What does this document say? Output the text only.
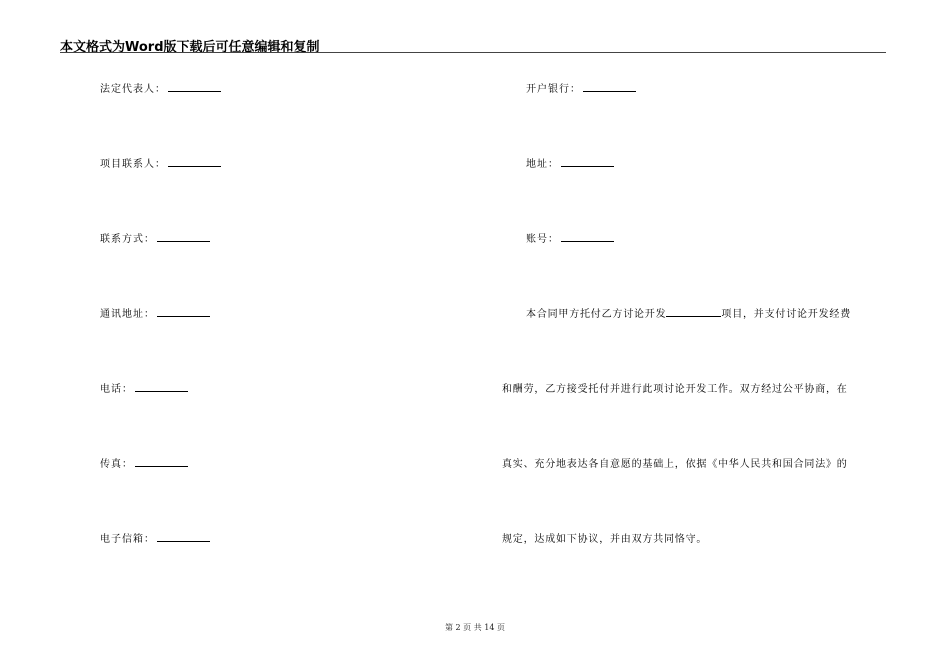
本文格式为Word版下载后可任意编辑和复制
法定代表人：
项目联系人：
联系方式：
通讯地址：
电话：
传真：
电子信箱：
开户银行：
地址：
账号：
本合同甲方托付乙方讨论开发	项目，并支付讨论开发经费
和酬劳，乙方接受托付并进行此项讨论开发工作。双方经过公平协商，在
真实、充分地表达各自意愿的基础上，依据《中华人民共和国合同法》的
规定，达成如下协议，并由双方共同恪守。
第 2 页 共 14 页
